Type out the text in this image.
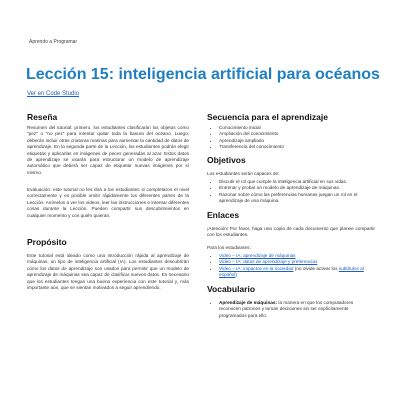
Aprendo a Programar
Lección 15: inteligencia artificial para océanos
Ver en Code Studio
Reseña

Resumen del tutorial: primero, los estudiantes clasificarán los objetos como "pez" o "no pez" para intentar quitar toda la basura del océano. Luego, deberán incluir otras criaturas marinas para aumentar la cantidad de datos de aprendizaje. En la segunda parte de la Lección, los estudiantes podrán elegir etiquetas y aplicarlas en imágenes de peces generadas al azar. Estos datos de aprendizaje se usarán para estructurar un modelo de aprendizaje automático que deberá ser capaz de etiquetar nuevas imágenes por sí mismo.

Evaluación: este tutorial no les dirá a los estudiantes si completaron el nivel correctamente y es posible omitir rápidamente los diferentes partes de la Lección. Anímelos a ver los videos, leer las instrucciones e intentar diferentes cosas durante la Lección. Pueden compartir sus descubrimientos en cualquier momento y con quién quieran.

Propósito

Este tutorial está ideado como una introducción rápida al aprendizaje de máquinas, un tipo de inteligencia artificial (IA). Los estudiantes descubrirán cómo los datos de aprendizaje son usados para permitir que un modelo de aprendizaje de máquinas sea capaz de clasificar nuevos datos. Es necesario que los estudiantes tengan una buena experiencia con este tutorial y, más importante aún, que se sientan motivados a seguir aprendiendo.

Secuencia para el aprendizaje
• Conocimiento inicial
• Ampliación del conocimiento
• Aprendizaje ampliado
• Transferencia del conocimiento
Objetivos

Los estudiantes serán capaces de:

• Discutir el rol que cumple la inteligencia artificial en sus vidas.
• Entrenar y probar un modelo de aprendizaje de máquinas.
• Razonar sobre cómo las preferencias humanas juegan un rol en el aprendizaje de una máquina.
Enlaces

¡Atención! Por favor, haga una copia de cada documento que planee compartir con los estudiantes.

Para los estudiantes:

• Video – IA: aprendizaje de máquinas
• Video – IA: datos de aprendizaje y preferencias
• Video – IA: impactos en la sociedad (no olvide activar los subtítulos al español)
Vocabulario
• Aprendizaje de máquinas: la manera en que los computadores reconocen patrones y toman decisiones sin ser explícitamente programados para ello.
